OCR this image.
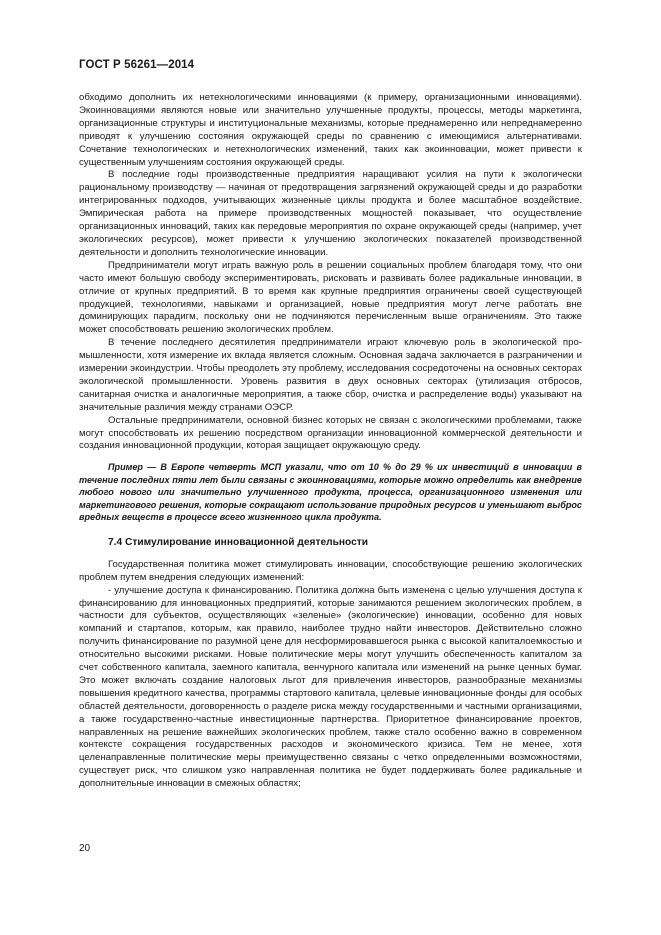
ГОСТ Р 56261—2014

обходимо дополнить их нетехнологическими инновациями (к примеру, организационными инновациями). Экоинновациями являются новые или значительно улучшенные продукты, процессы, методы маркетинга, организационные структуры и институциональные механизмы, которые преднамеренно или непреднамеренно приводят к улучшению состояния окружающей среды по сравнению с имеющимися альтернативами. Сочетание технологических и нетехнологических изменений, таких как экоинновации, может привести к существенным улучшениям состояния окружающей среды.

В последние годы производственные предприятия наращивают усилия на пути к экологически рациональному производству — начиная от предотвращения загрязнений окружающей среды и до разработки интегрированных подходов, учитывающих жизненные циклы продукта и более масштабное воздействие. Эмпирическая работа на примере производственных мощностей показывает, что осуществление организационных инноваций, таких как передовые мероприятия по охране окружающей среды (например, учет экологических ресурсов), может привести к улучшению экологических показателей производственной деятельности и дополнить технологические инновации.

Предприниматели могут играть важную роль в решении социальных проблем благодаря тому, что они часто имеют большую свободу экспериментировать, рисковать и развивать более радикальные инновации, в отличие от крупных предприятий. В то время как крупные предприятия ограничены своей существующей продукцией, технологиями, навыками и организацией, новые предприятия могут легче работать вне доминирующих парадигм, поскольку они не подчиняются перечисленным выше ограничениям. Это также может способствовать решению экологических проблем.

В течение последнего десятилетия предприниматели играют ключевую роль в экологической промышленности, хотя измерение их вклада является сложным. Основная задача заключается в разграничении и измерении экоиндустрии. Чтобы преодолеть эту проблему, исследования сосредоточены на основных секторах экологической промышленности. Уровень развития в двух основных секторах (утилизация отбросов, санитарная очистка и аналогичные мероприятия, а также сбор, очистка и распределение воды) указывают на значительные различия между странами ОЭСР.

Остальные предприниматели, основной бизнес которых не связан с экологическими проблемами, также могут способствовать их решению посредством организации инновационной коммерческой деятельности и создания инновационной продукции, которая защищает окружающую среду.

Пример — В Европе четверть МСП указали, что от 10 % до 29 % их инвестиций в инновации в течение последних пяти лет были связаны с экоинновациями, которые можно определить как внедрение любого нового или значительно улучшенного продукта, процесса, организационного изменения или маркетингового решения, которые сокращают использование природных ресурсов и уменьшают выброс вредных веществ в процессе всего жизненного цикла продукта.

7.4 Стимулирование инновационной деятельности

Государственная политика может стимулировать инновации, способствующие решению экологических проблем путем внедрения следующих изменений:

- улучшение доступа к финансированию. Политика должна быть изменена с целью улучшения доступа к финансированию для инновационных предприятий, которые занимаются решением экологических проблем, в частности для субъектов, осуществляющих «зеленые» (экологические) инновации, особенно для новых компаний и стартапов, которым, как правило, наиболее трудно найти инвесторов. Действительно сложно получить финансирование по разумной цене для несформировавшегося рынка с высокой капиталоемкостью и относительно высокими рисками. Новые политические меры могут улучшить обеспеченность капиталом за счет собственного капитала, заемного капитала, венчурного капитала или изменений на рынке ценных бумаг. Это может включать создание налоговых льгот для привлечения инвесторов, разнообразные механизмы повышения кредитного качества, программы стартового капитала, целевые инновационные фонды для особых областей деятельности, договоренность о разделе риска между государственными и частными организациями, а также государственно-частные инвестиционные партнерства. Приоритетное финансирование проектов, направленных на решение важнейших экологических проблем, также стало особенно важно в современном контексте сокращения государственных расходов и экономического кризиса. Тем не менее, хотя целенаправленные политические меры преимущественно связаны с четко определенными возможностями, существует риск, что слишком узко направленная политика не будет поддерживать более радикальные и дополнительные инновации в смежных областях;

20
